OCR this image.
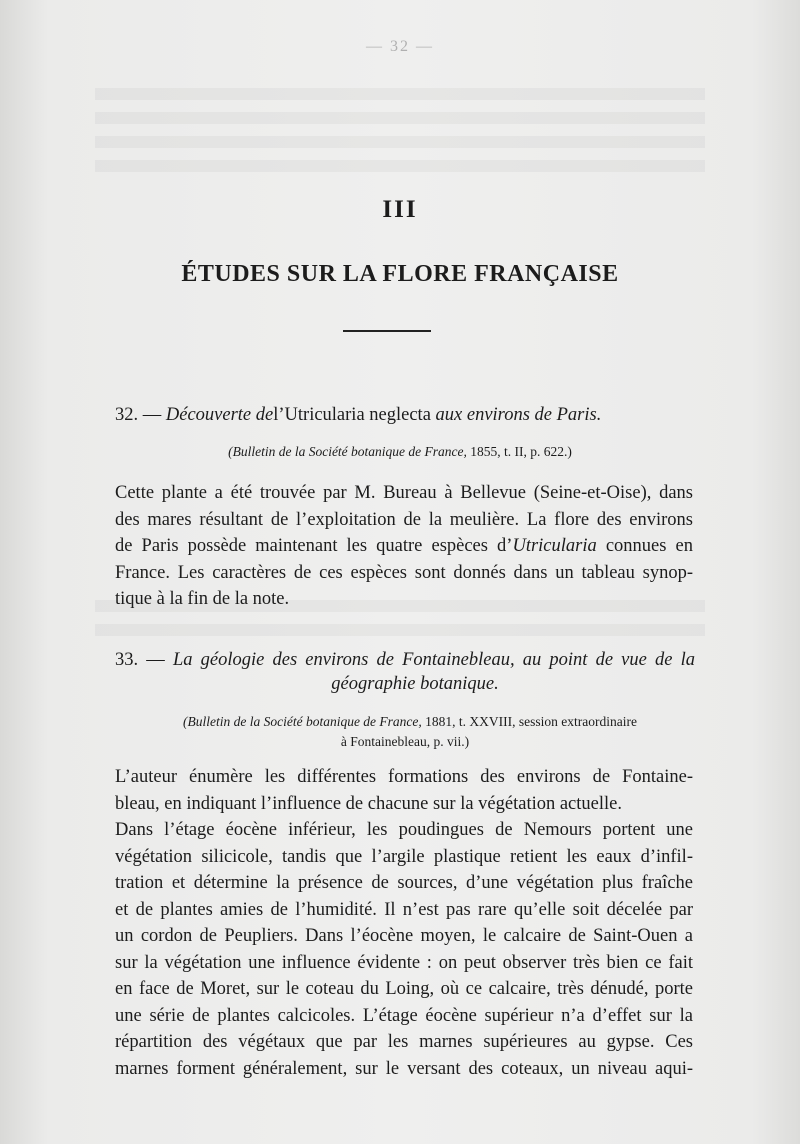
— 32 —
III
ÉTUDES SUR LA FLORE FRANÇAISE
32. — Découverte del’Utricularia neglecta aux environs de Paris.
(Bulletin de la Société botanique de France, 1855, t. II, p. 622.)
Cette plante a été trouvée par M. Bureau à Bellevue (Seine-et-Oise), dans
des mares résultant de l’exploitation de la meulière. La flore des environs
de Paris possède maintenant les quatre espèces d’Utricularia connues en
France. Les caractères de ces espèces sont donnés dans un tableau synop-
tique à la fin de la note.
33. — La géologie des environs de Fontainebleau, au point de vue de la
géographie botanique.
(Bulletin de la Société botanique de France, 1881, t. XXVIII, session extraordinaire
à Fontainebleau, p. vii.)
L’auteur énumère les différentes formations des environs de Fontaine-
bleau, en indiquant l’influence de chacune sur la végétation actuelle.
Dans l’étage éocène inférieur, les poudingues de Nemours portent une
végétation silicicole, tandis que l’argile plastique retient les eaux d’infil-
tration et détermine la présence de sources, d’une végétation plus fraîche
et de plantes amies de l’humidité. Il n’est pas rare qu’elle soit décelée par
un cordon de Peupliers. Dans l’éocène moyen, le calcaire de Saint-Ouen a
sur la végétation une influence évidente : on peut observer très bien ce fait
en face de Moret, sur le coteau du Loing, où ce calcaire, très dénudé, porte
une série de plantes calcicoles. L’étage éocène supérieur n’a d’effet sur la
répartition des végétaux que par les marnes supérieures au gypse. Ces
marnes forment généralement, sur le versant des coteaux, un niveau aqui-
